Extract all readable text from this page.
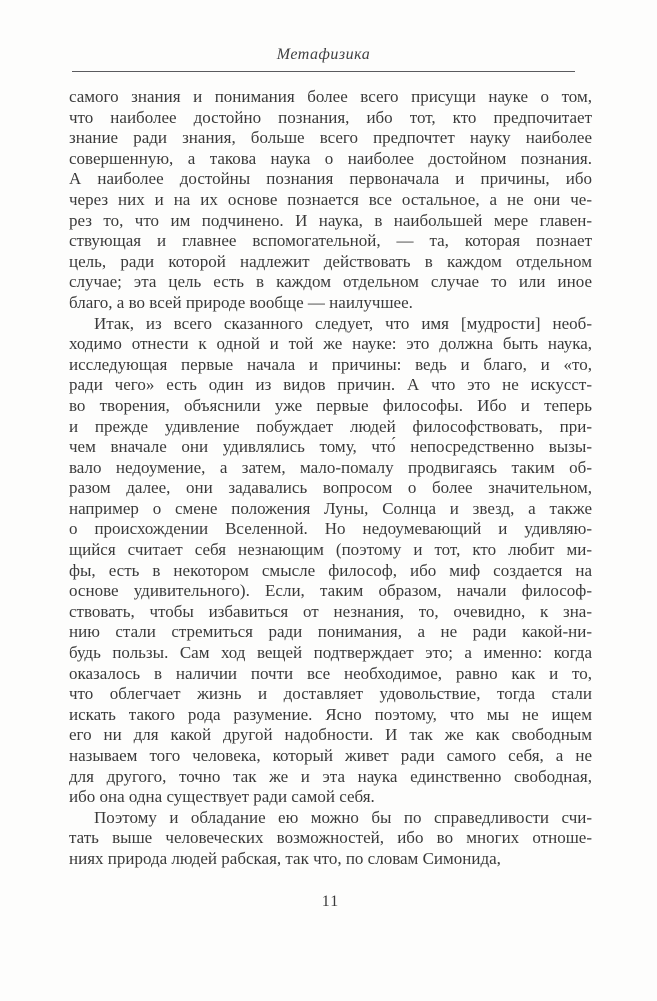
Метафизика
самого знания и понимания более всего присущи науке о том,
что наиболее достойно познания, ибо тот, кто предпочитает
знание ради знания, больше всего предпочтет науку наиболее
совершенную, а такова наука о наиболее достойном познания.
А наиболее достойны познания первоначала и причины, ибо
через них и на их основе познается все остальное, а не они че-
рез то, что им подчинено. И наука, в наибольшей мере главен-
ствующая и главнее вспомогательной, — та, которая познает
цель, ради которой надлежит действовать в каждом отдельном
случае; эта цель есть в каждом отдельном случае то или иное
благо, а во всей природе вообще — наилучшее.
Итак, из всего сказанного следует, что имя [мудрости] необ-
ходимо отнести к одной и той же науке: это должна быть наука,
исследующая первые начала и причины: ведь и благо, и «то,
ради чего» есть один из видов причин. А что это не искусст-
во творения, объяснили уже первые философы. Ибо и теперь
и прежде удивление побуждает людей философствовать, при-
чем вначале они удивлялись тому, что́ непосредственно вызы-
вало недоумение, а затем, мало-помалу продвигаясь таким об-
разом далее, они задавались вопросом о более значительном,
например о смене положения Луны, Солнца и звезд, а также
о происхождении Вселенной. Но недоумевающий и удивляю-
щийся считает себя незнающим (поэтому и тот, кто любит ми-
фы, есть в некотором смысле философ, ибо миф создается на
основе удивительного). Если, таким образом, начали философ-
ствовать, чтобы избавиться от незнания, то, очевидно, к зна-
нию стали стремиться ради понимания, а не ради какой-ни-
будь пользы. Сам ход вещей подтверждает это; а именно: когда
оказалось в наличии почти все необходимое, равно как и то,
что облегчает жизнь и доставляет удовольствие, тогда стали
искать такого рода разумение. Ясно поэтому, что мы не ищем
его ни для какой другой надобности. И так же как свободным
называем того человека, который живет ради самого себя, а не
для другого, точно так же и эта наука единственно свободная,
ибо она одна существует ради самой себя.
Поэтому и обладание ею можно бы по справедливости счи-
тать выше человеческих возможностей, ибо во многих отноше-
ниях природа людей рабская, так что, по словам Симонида,
11
